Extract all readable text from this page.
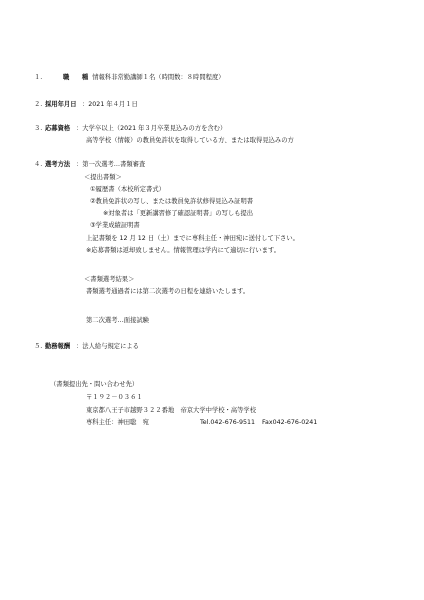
１.	職　　種
：情報科非常勤講師１名（時間数：８時間程度）
２. 採用年月日 ：2021 年４月１日
３. 応募資格 ：大学卒以上（2021 年３月卒業見込みの方を含む）
高等学校（情報）の教員免許状を取得している方、または取得見込みの方
４. 選考方法 ：第一次選考…書類審査
＜提出書類＞
①履歴書（本校所定書式）
②教員免許状の写し、または教員免許状修得見込み証明書
※対象者は「更新講習修了確認証明書」の写しも提出
③学業成績証明書
上記書類を 12 月 12 日（土）までに専科主任・神田宛に送付して下さい。
※応募書類は返却致しません。情報管理は学内にて適切に行います。
＜書類選考結果＞
書類選考通過者には第二次選考の日程を連絡いたします。
第二次選考…面接試験
５. 勤務報酬 ：法人給与規定による
（書類提出先・問い合わせ先）
〒１９２－０３６１
東京都八王子市越野３２２番地　帝京大学中学校・高等学校
専科主任：神田聡　宛	Tel.042-676-9511 Fax042-676-0241
